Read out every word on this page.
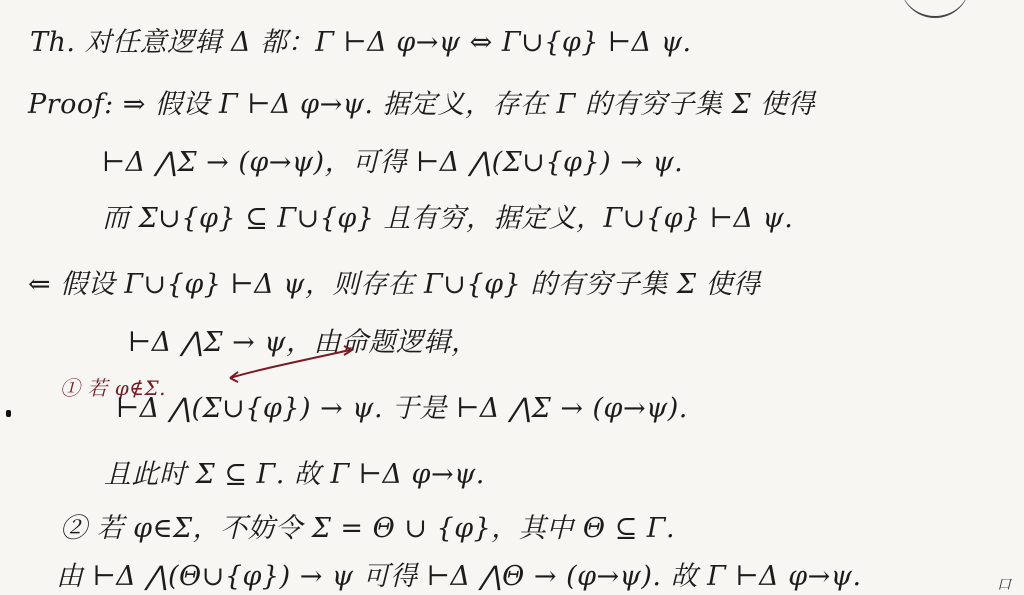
Th. 对任意逻辑 Δ 都：Γ ⊢Δ φ→ψ ⇔ Γ∪{φ} ⊢Δ ψ.
Proof: ⇒ 假设 Γ ⊢Δ φ→ψ. 据定义，存在 Γ 的有穷子集 Σ 使得
⊢Δ ⋀Σ → (φ→ψ)，可得 ⊢Δ ⋀(Σ∪{φ}) → ψ.
而 Σ∪{φ} ⊆ Γ∪{φ} 且有穷，据定义，Γ∪{φ} ⊢Δ ψ.
⇐ 假设 Γ∪{φ} ⊢Δ ψ，则存在 Γ∪{φ} 的有穷子集 Σ 使得
⊢Δ ⋀Σ → ψ，由命题逻辑，
① 若 φ∉Σ.
⊢Δ ⋀(Σ∪{φ}) → ψ. 于是 ⊢Δ ⋀Σ → (φ→ψ).
且此时 Σ ⊆ Γ. 故 Γ ⊢Δ φ→ψ.
② 若 φ∈Σ，不妨令 Σ = Θ ∪ {φ}，其中 Θ ⊆ Γ.
由 ⊢Δ ⋀(Θ∪{φ}) → ψ 可得 ⊢Δ ⋀Θ → (φ→ψ). 故 Γ ⊢Δ φ→ψ.	口
